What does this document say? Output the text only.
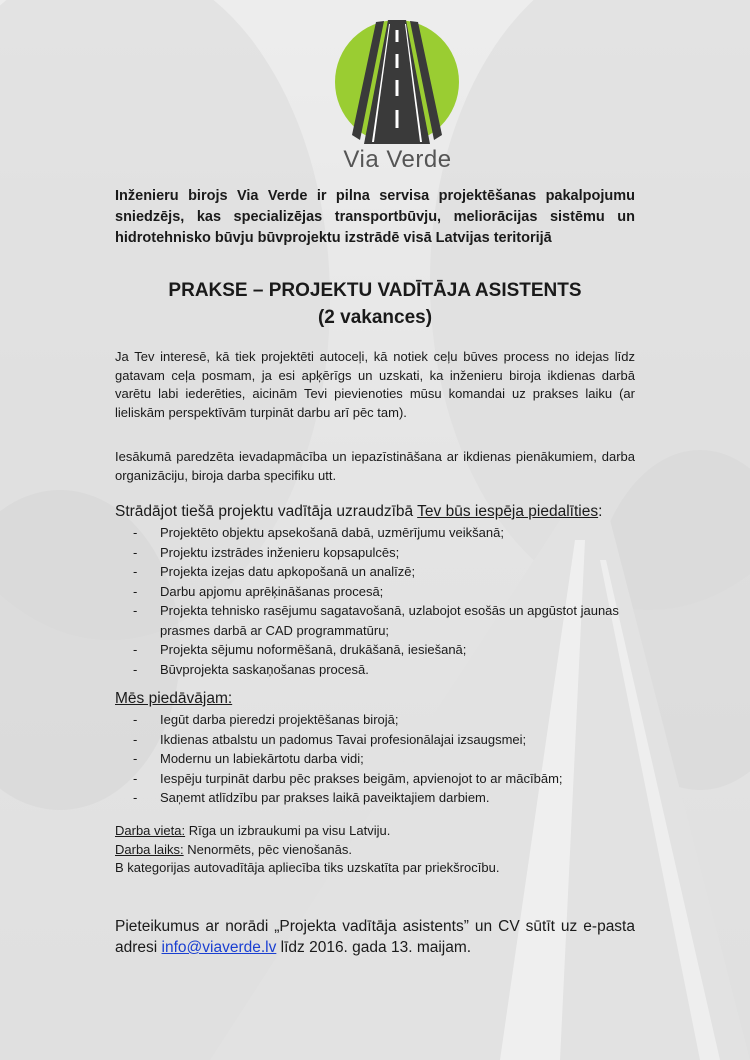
Via Verde
Inženieru birojs Via Verde ir pilna servisa projektēšanas pakalpojumu sniedzējs, kas specializējas transportbūvju, meliorācijas sistēmu un hidrotehnisko būvju būvprojektu izstrādē visā Latvijas teritorijā
PRAKSE – PROJEKTU VADĪTĀJA ASISTENTS
(2 vakances)
Ja Tev interesē, kā tiek projektēti autoceļi, kā notiek ceļu būves process no idejas līdz gatavam ceļa posmam, ja esi apķērīgs un uzskati, ka inženieru biroja ikdienas darbā varētu labi iederēties, aicinām Tevi pievienoties mūsu komandai uz prakses laiku (ar lieliskām perspektīvām turpināt darbu arī pēc tam).
Iesākumā paredzēta ievadapmācība un iepazīstināšana ar ikdienas pienākumiem, darba organizāciju, biroja darba specifiku utt.
Strādājot tiešā projektu vadītāja uzraudzībā Tev būs iespēja piedalīties:
- Projektēto objektu apsekošanā dabā, uzmērījumu veikšanā;
- Projektu izstrādes inženieru kopsapulcēs;
- Projekta izejas datu apkopošanā un analīzē;
- Darbu apjomu aprēķināšanas procesā;
- Projekta tehnisko rasējumu sagatavošanā, uzlabojot esošās un apgūstot jaunas prasmes darbā ar CAD programmatūru;
- Projekta sējumu noformēšanā, drukāšanā, iesiešanā;
- Būvprojekta saskaņošanas procesā.
Mēs piedāvājam:
- Iegūt darba pieredzi projektēšanas birojā;
- Ikdienas atbalstu un padomus Tavai profesionālajai izsaugsmei;
- Modernu un labiekārtotu darba vidi;
- Iespēju turpināt darbu pēc prakses beigām, apvienojot to ar mācībām;
- Saņemt atlīdzību par prakses laikā paveiktajiem darbiem.
Darba vieta: Rīga un izbraukumi pa visu Latviju.
Darba laiks: Nenormēts, pēc vienošanās.
B kategorijas autovadītāja apliecība tiks uzskatīta par priekšrocību.
Pieteikumus ar norādi „Projekta vadītāja asistents” un CV sūtīt uz e-pasta adresi info@viaverde.lv līdz 2016. gada 13. maijam.
